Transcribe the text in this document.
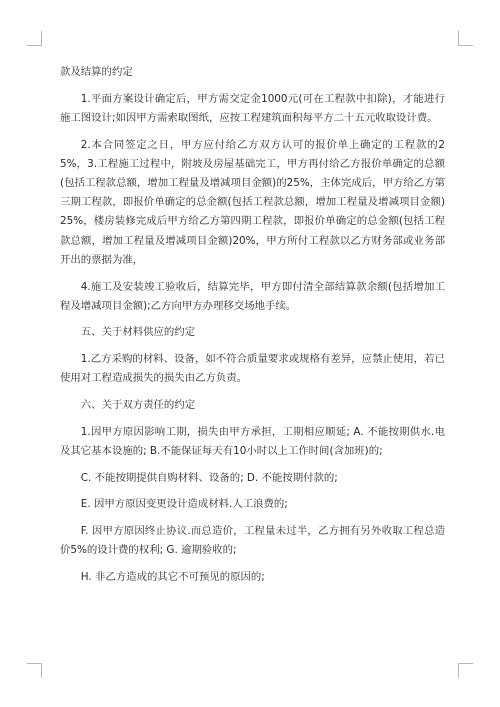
款及结算的约定

1.平面方案设计确定后，甲方需交定金1000元(可在工程款中扣除)，才能进行施工图设计;如因甲方需索取图纸，应按工程建筑面积每平方二十五元收取设计费。

2.本合同签定之日，甲方应付给乙方双方认可的报价单上确定的工程款的25%，3.工程施工过程中，附坡及房屋基础完工，甲方再付给乙方报价单确定的总额(包括工程款总额，增加工程量及增减项目金额)的25%，主体完成后，甲方给乙方第三期工程款，即报价单确定的总金额(包括工程款总额，增加工程量及增减项目金额)25%，楼房装修完成后甲方给乙方第四期工程款，即报价单确定的总金额(包括工程款总额，增加工程量及增减项目金额)20%，甲方所付工程款以乙方财务部或业务部开出的票据为准，

4.施工及安装竣工验收后，结算完毕，甲方即付清全部结算款余额(包括增加工程及增减项目金额);乙方向甲方办理移交场地手续。

五、关于材料供应的约定

1.乙方采购的材料、设备，如不符合质量要求或规格有差异，应禁止使用，若已使用对工程造成损失的损失由乙方负责。

六、关于双方责任的约定

1.因甲方原因影响工期，损失由甲方承担，工期相应顺延; A. 不能按期供水.电及其它基本设施的; B.不能保证每天有10小时以上工作时间(含加班)的;

C. 不能按期提供自购材料、设备的; D. 不能按期付款的;

E. 因甲方原因变更设计造成材料.人工浪费的;

F. 因甲方原因终止协议.而总造价，工程量未过半，乙方拥有另外收取工程总造价5%的设计费的权利; G. 逾期验收的;

H. 非乙方造成的其它不可预见的原因的;
